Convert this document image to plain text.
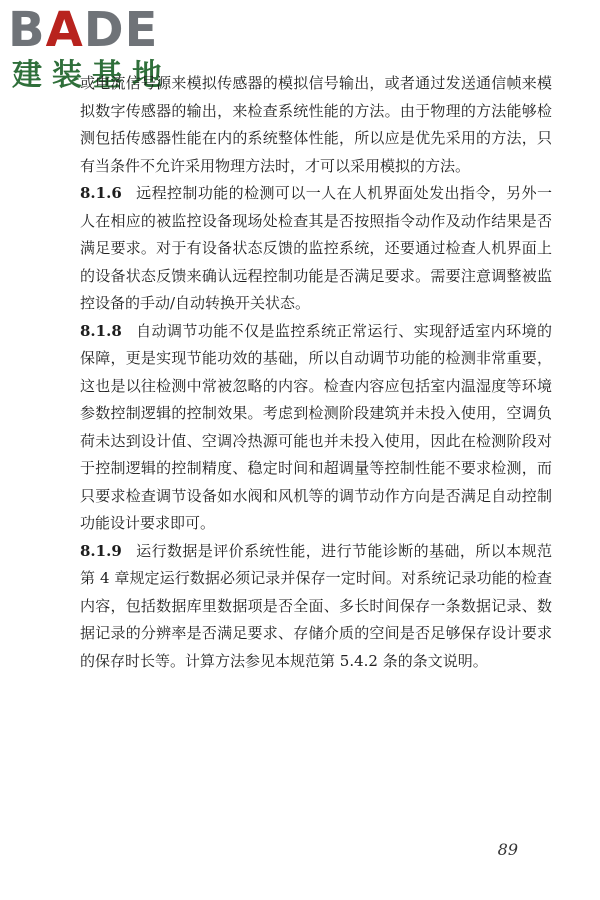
BADE
建装基地

或电流信号源来模拟传感器的模拟信号输出，或者通过发送通信帧来模拟数字传感器的输出，来检查系统性能的方法。由于物理的方法能够检测包括传感器性能在内的系统整体性能，所以应是优先采用的方法，只有当条件不允许采用物理方法时，才可以采用模拟的方法。

8.1.6 远程控制功能的检测可以一人在人机界面处发出指令，另外一人在相应的被监控设备现场处检查其是否按照指令动作及动作结果是否满足要求。对于有设备状态反馈的监控系统，还要通过检查人机界面上的设备状态反馈来确认远程控制功能是否满足要求。需要注意调整被监控设备的手动/自动转换开关状态。

8.1.8 自动调节功能不仅是监控系统正常运行、实现舒适室内环境的保障，更是实现节能功效的基础，所以自动调节功能的检测非常重要，这也是以往检测中常被忽略的内容。检查内容应包括室内温湿度等环境参数控制逻辑的控制效果。考虑到检测阶段建筑并未投入使用，空调负荷未达到设计值、空调冷热源可能也并未投入使用，因此在检测阶段对于控制逻辑的控制精度、稳定时间和超调量等控制性能不要求检测，而只要求检查调节设备如水阀和风机等的调节动作方向是否满足自动控制功能设计要求即可。

8.1.9 运行数据是评价系统性能，进行节能诊断的基础，所以本规范第 4 章规定运行数据必须记录并保存一定时间。对系统记录功能的检查内容，包括数据库里数据项是否全面、多长时间保存一条数据记录、数据记录的分辨率是否满足要求、存储介质的空间是否足够保存设计要求的保存时长等。计算方法参见本规范第 5.4.2 条的条文说明。

89
